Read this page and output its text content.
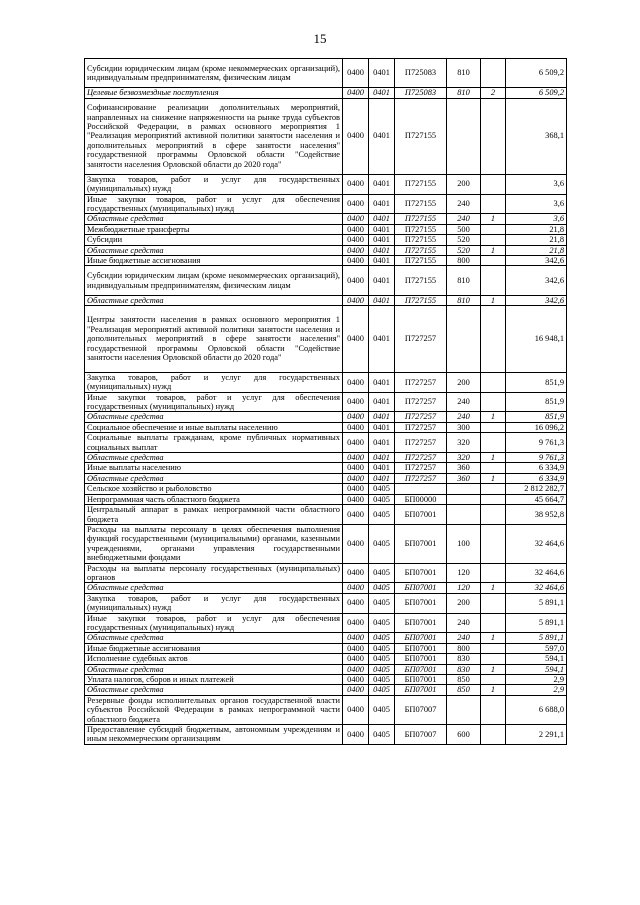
15
Субсидии юридическим лицам (кроме некоммерческих организаций), индивидуальным предпринимателям, физическим лицам	0400	0401	П725083	810		6 509,2
Целевые безвозмездные поступления	0400	0401	П725083	810	2	6 509,2
Софинансирование реализации дополнительных мероприятий, направленных на снижение напряженности на рынке труда субъектов Российской Федерации, в рамках основного мероприятия 1 "Реализация мероприятий активной политики занятости населения и дополнительных мероприятий в сфере занятости населения" государственной программы Орловской области "Содействие занятости населения Орловской области до 2020 года"	0400	0401	П727155			368,1
Закупка товаров, работ и услуг для государственных (муниципальных) нужд	0400	0401	П727155	200		3,6
Иные закупки товаров, работ и услуг для обеспечения государственных (муниципальных) нужд	0400	0401	П727155	240		3,6
Областные средства	0400	0401	П727155	240	1	3,6
Межбюджетные трансферты	0400	0401	П727155	500		21,8
Субсидии	0400	0401	П727155	520		21,8
Областные средства	0400	0401	П727155	520	1	21,8
Иные бюджетные ассигнования	0400	0401	П727155	800		342,6
Субсидии юридическим лицам (кроме некоммерческих организаций), индивидуальным предпринимателям, физическим лицам	0400	0401	П727155	810		342,6
Областные средства	0400	0401	П727155	810	1	342,6
Центры занятости населения в рамках основного мероприятия 1 "Реализация мероприятий активной политики занятости населения и дополнительных мероприятий в сфере занятости населения" государственной программы Орловской области "Содействие занятости населения Орловской области до 2020 года"	0400	0401	П727257			16 948,1
Закупка товаров, работ и услуг для государственных (муниципальных) нужд	0400	0401	П727257	200		851,9
Иные закупки товаров, работ и услуг для обеспечения государственных (муниципальных) нужд	0400	0401	П727257	240		851,9
Областные средства	0400	0401	П727257	240	1	851,9
Социальное обеспечение и иные выплаты населению	0400	0401	П727257	300		16 096,2
Социальные выплаты гражданам, кроме публичных нормативных социальных выплат	0400	0401	П727257	320		9 761,3
Областные средства	0400	0401	П727257	320	1	9 761,3
Иные выплаты населению	0400	0401	П727257	360		6 334,9
Областные средства	0400	0401	П727257	360	1	6 334,9
Сельское хозяйство и рыболовство	0400	0405				2 812 282,7
Непрограммная часть областного бюджета	0400	0405	БП00000			45 664,7
Центральный аппарат в рамках непрограммной части областного бюджета	0400	0405	БП07001			38 952,8
Расходы на выплаты персоналу в целях обеспечения выполнения функций государственными (муниципальными) органами, казенными учреждениями, органами управления государственными внебюджетными фондами	0400	0405	БП07001	100		32 464,6
Расходы на выплаты персоналу государственных (муниципальных) органов	0400	0405	БП07001	120		32 464,6
Областные средства	0400	0405	БП07001	120	1	32 464,6
Закупка товаров, работ и услуг для государственных (муниципальных) нужд	0400	0405	БП07001	200		5 891,1
Иные закупки товаров, работ и услуг для обеспечения государственных (муниципальных) нужд	0400	0405	БП07001	240		5 891,1
Областные средства	0400	0405	БП07001	240	1	5 891,1
Иные бюджетные ассигнования	0400	0405	БП07001	800		597,0
Исполнение судебных актов	0400	0405	БП07001	830		594,1
Областные средства	0400	0405	БП07001	830	1	594,1
Уплата налогов, сборов и иных платежей	0400	0405	БП07001	850		2,9
Областные средства	0400	0405	БП07001	850	1	2,9
Резервные фонды исполнительных органов государственной власти субъектов Российской Федерации в рамках непрограммной части областного бюджета	0400	0405	БП07007			6 688,0
Предоставление субсидий бюджетным, автономным учреждениям и иным некоммерческим организациям	0400	0405	БП07007	600		2 291,1
